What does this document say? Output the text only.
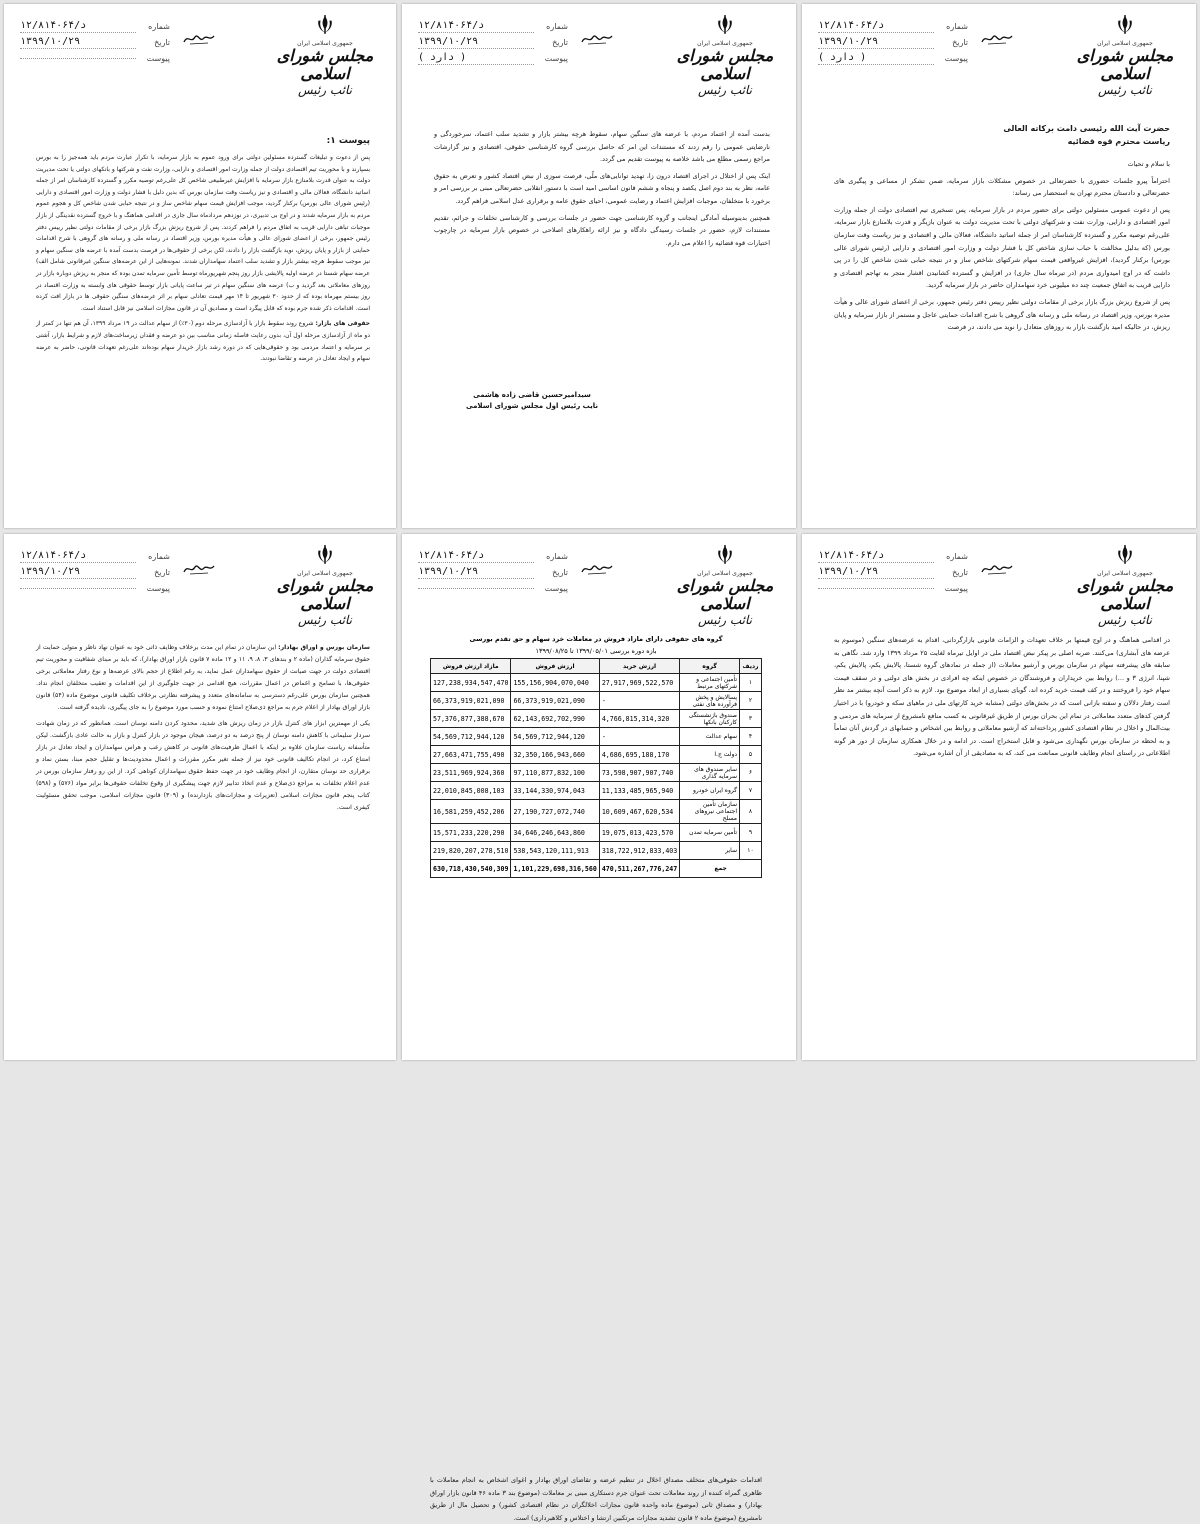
شماره
۱۲/۸۱۴۰۶۴/د
تاریخ
۱۳۹۹/۱۰/۲۹
پیوست
( دارد )
جمهوری اسلامی ایران
مجلس شورای اسلامی
نائب رئیس
حضرت آیت الله رئیسی دامت برکاته العالی
ریاست محترم قوه قضائیه

با سلام و تحیات

احتراماً پیرو جلسات حضوری با حضرتعالی در خصوص مشکلات بازار سرمایه، ضمن تشکر از مساعی و پیگیری های حضرتعالی و دادستان محترم تهران به استحضار می رساند:

پس از دعوت عمومی مسئولین دولتی برای حضور مردم در بازار سرمایه، پس تسخیری تیم اقتصادی دولت از جمله وزارت امور اقتصادی و دارایی، وزارت نفت و شرکتهای دولتی با تحت مدیریت دولت به عنوان بازیگر و قدرت بلامنازع بازار سرمایه، علی‌رغم توصیه مکرر و گسترده کارشناسان امر از جمله اساتید دانشگاه، فعالان مالی و اقتصادی و نیز ریاست وقت سازمان بورس (که بدلیل مخالفت با حباب سازی شاخص کل با فشار دولت و وزارت امور اقتصادی و دارایی (رئیس شورای عالی بورس) برکنار گردید)، افزایش غیرواقعی قیمت سهام شرکتهای شاخص ساز و در نتیجه حبابی شدن شاخص کل را در پی داشت که در اوج امیدواری مردم (در تیرماه سال جاری) در افزایش و گسترده کشانیدن اقشار متجر به تهاجم اقتصادی و دارایی قریب به اتفاق جمعیت چند ده میلیونی خرد سهامداران حاضر در بازار سرمایه گردید.

پس از شروع ریزش بزرگ بازار برخی از مقامات دولتی نظیر رییس دفتر رئیس جمهور، برخی از اعضای شورای عالی و هیأت مدیره بورس، وزیر اقتصاد در رسانه ملی و رسانه های گروهی با شرح اقدامات حمایتی عاجل و مستمر از بازار سرمایه و پایان ریزش، در حالیکه امید بازگشت بازار به روزهای متعادل را نوید می دادند، در فرصت

شماره
۱۲/۸۱۴۰۶۴/د
تاریخ
۱۳۹۹/۱۰/۲۹
پیوست
( دارد )
جمهوری اسلامی ایران
مجلس شورای اسلامی
نائب رئیس

بدست آمده از اعتماد مردم، با عرضه های سنگین سهام، سقوط هرچه بیشتر بازار و تشدید سلب اعتماد، سرخوردگی و نارضایتی عمومی را رقم زدند که مستندات این امر که حاصل بررسی گروه کارشناسی حقوقی، اقتصادی و نیز گزارشات مراجع رسمی مطلع می باشد خلاصه به پیوست تقدیم می گردد.

اینک پس از اختلال در اجرای اقتصاد درون زا، تهدید توانایی‌های ملّی، فرصت سوزی از نبض اقتصاد کشور و تعرض به حقوق عامه، نظر به بند دوم اصل یکصد و پنجاه و ششم قانون اساسی امید است با دستور انقلابی حضرتعالی مبنی بر بررسی امر و برخورد با متخلفان، موجبات افزایش اعتماد و رضایت عمومی، احیای حقوق عامه و برقراری عدل اسلامی فراهم گردد.

همچنین بدینوسیله آمادگی اینجانب و گروه کارشناسی جهت حضور در جلسات بررسی و کارشناسی تخلفات و جرائم، تقدیم مستندات لازم، حضور در جلسات رسیدگی دادگاه و نیز ارائه راهکارهای اصلاحی در خصوص بازار سرمایه در چارچوب اختیارات قوه قضائیه را اعلام می دارم.

سیدامیرحسین قاضی زاده هاشمی
نایب رئیس اول مجلس شورای اسلامی
شماره
۱۲/۸۱۴۰۶۴/د
تاریخ
۱۳۹۹/۱۰/۲۹
پیوست
جمهوری اسلامی ایران
مجلس شورای اسلامی
نائب رئیس
پیوست ۱:

پس از دعوت و تبلیغات گسترده مسئولین دولتی برای ورود عموم به بازار سرمایه، با تکرار عبارت مردم باید همه‌جیز را به بورس بسپارند و با محوریت تیم اقتصادی دولت از جمله وزارت امور اقتصادی و دارایی، وزارت نفت و شرکتها و بانکهای دولتی یا تحت مدیریت دولت به عنوان قدرت بلامنازع بازار سرمایه با افزایش غیرطبیعی شاخص کل علی‌رغم توصیه مکرر و گسترده کارشناسان امر از جمله اساتید دانشگاه، فعالان مالی و اقتصادی و نیز ریاست وقت سازمان بورس که بدین دلیل با فشار دولت و وزارت امور اقتصادی و دارایی (رئیس شورای عالی بورس) برکنار گردید، موجب افزایش قیمت سهام شاخص ساز و در نتیجه حبابی شدن شاخص کل و هجوم عموم مردم به بازار سرمایه شدند و در اوج بی تدبیری، در نوزدهم مردادماه سال جاری در اقدامی هماهنگ و با خروج گسترده نقدینگی از بازار موجبات تباهی دارایی قریب به اتفاق مردم را فراهم کردند. پس از شروع ریزش بزرگ بازار برخی از مقامات دولتی نظیر رییس دفتر رئیس جمهور، برخی از اعضای شورای عالی و هیأت مدیره بورس، وزیر اقتصاد در رسانه ملی و رسانه های گروهی با شرح اقدامات حمایتی از بازار و پایان ریزش، نوید بازگشت بازار را دادند، لکن برخی از حقوقی‌ها در فرصت بدست آمده با عرضه های سنگین سهام و نیز موجب سقوط هرچه بیشتر بازار و تشدید سلب اعتماد سهامداران شدند. نمونه‌هایی از این عرضه‌های سنگین غیرقانونی شامل الف) عرضه سهام شستا در عرضه اولیه پالایشی بازار روز پنجم شهریورماه توسط تأمین سرمایه تمدن بوده که منجر به ریزش دوباره بازار در روزهای معاملاتی بعد گردید و ب) عرضه های سنگین سهام در تیر ساعت پایانی بازار توسط حقوقی های وابسته به وزارت اقتصاد در روز بیستم مهرماه بوده که از حدود ۳۰ شهریور تا ۱۴ مهر قیمت تعادلی سهام بر اثر عرضه‌های سنگین حقوقی ها در بازار افت کرده است. اقدامات ذکر شده جرم بوده که قابل پیگرد است و مصادیق آن در قانون مجازات اسلامی نیز قابل استناد است.

حقوقی های بازار: شروع روند سقوط بازار با آزادسازی مرحله دوم (۳۰٪) از سهام عدالت در ۱۹ مرداد ۱۳۹۹، آن هم تنها در کمتر از دو ماه از آزادسازی مرحله اول آن، بدون رعایت فاصله زمانی مناسب بین دو عرضه و فقدان زیرساخت‌های لازم و شرایط بازار، آشتی بر سرمایه و اعتماد مردمی بود و حقوقی‌هایی که در دوره رشد بازار خریدار سهام بوده‌اند علی‌رغم تعهدات قانونی، حاضر به عرضه سهام و ایجاد تعادل در عرضه و تقاضا نبودند.

شماره
۱۲/۸۱۴۰۶۴/د
تاریخ
۱۳۹۹/۱۰/۲۹
پیوست
جمهوری اسلامی ایران
مجلس شورای اسلامی
نائب رئیس

در اقدامی هماهنگ و در اوج قیمتها بر خلاف تعهدات و الزامات قانونی بازارگردانی، اقدام به عرضه‌های سنگین (موسوم به عرضه های آبشاری) می‌کنند. ضربه اصلی بر پیکر نبض اقتصاد ملی در اوایل تیرماه لغایت ۲۵ مرداد ۱۳۹۹ وارد شد. نگاهی به سابقه های پیشرفته سهام در سازمان بورس و آرشیو معاملات (از جمله در نمادهای گروه شستا، پالایش یکم، پالایش یکم، شپنا، انرژی ۳ و ...) روابط بین خریداران و فروشندگان در خصوص اینکه چه افرادی در بخش های دولتی و در سقف قیمت سهام خود را فروختند و در کف قیمت خرید کرده اند، گویای بسیاری از ابعاد موضوع بود. لازم به ذکر است آنچه بیشتر مد نظر است رفتار دلالان و سفته بازانی است که در بخش‌های دولتی (مشابه خرید کارتهای ملی در ماهیای سکه و خودرو) با در اختیار گرفتن کدهای متعدد معاملاتی در تمام این بحران بورس از طریق غیرقانونی به کسب منافع نامشروع از سرمایه های مردمی و بیت‌المال و اخلال در نظام اقتصادی کشور پرداخته‌اند که آرشیو معاملاتی و روابط بین اشخاص و حسابهای در گردش آنان تماماً و به لحظه در سازمان بورس نگهداری می‌شود و قابل استخراج است. در ادامه و در خلال همکاری سازمان از دور هر گونه اطلاعاتی در راستای انجام وظایف قانونی ممانعت می کند، که به مصادیقی از آن اشاره می‌شود.

شماره
۱۲/۸۱۴۰۶۴/د
تاریخ
۱۳۹۹/۱۰/۲۹
پیوست
جمهوری اسلامی ایران
مجلس شورای اسلامی
نائب رئیس
گروه های حقوقی دارای مازاد فروش در معاملات خرد سهام و حق تقدم بورسی
بازه دوره بررسی ۱۳۹۹/۰۵/۰۱ تا ۱۳۹۹/۰۸/۲۵
ردیف	گروه	ارزش خرید	ارزش فروش	مازاد ارزش فروش
۱	تأمین اجتماعی و شرکتهای مرتبط	27,917,969,522,570	155,156,904,070,040	127,238,934,547,470
۲	پسالایش و پخش فرآورده های نفتی	-	66,373,919,021,090	66,373,919,021,090
۳	صندوق بازنشستگی کارکنان بانکها	4,766,815,314,320	62,143,692,702,990	57,376,877,388,670
۴	سهام عدالت	-	54,569,712,944,120	54,569,712,944,120
۵	دولت ج.ا	4,686,695,188,170	32,350,166,943,660	27,663,471,755,490
۶	سایر صندوق های سرمایه گذاری	73,598,907,907,740	97,110,877,832,100	23,511,969,924,360
۷	گروه ایران خودرو	11,133,485,965,940	33,144,330,974,043	22,010,845,008,103
۸	سازمان تأمین اجتماعی نیروهای مسلح	10,609,467,620,534	27,190,727,072,740	16,581,259,452,206
۹	تأمین سرمایه تمدن	19,075,013,423,570	34,646,246,643,860	15,571,233,220,290
۱۰	سایر	318,722,912,833,403	538,543,120,111,913	219,820,207,278,510
جمع		470,511,267,776,247	1,101,229,698,316,560	630,718,430,540,309
اقدامات حقوقی‌های متخلف مصداق اخلال در تنظیم عرضه و تقاضای اوراق بهادار و اغوای اشخاص به انجام معاملات با ظاهری گمراه کننده از روند معاملات تحت عنوان جرم دستکاری مبنی بر معاملات (موضوع بند ۳ ماده ۴۶ قانون بازار اوراق بهادار) و مصداق ثانی (موضوع ماده واحده قانون مجازات اخلالگران در نظام اقتصادی کشور) و تحصیل مال از طریق نامشروع (موضوع ماده ۲ قانون تشدید مجازات مرتکبین ارتشا و اختلاس و کلاهبرداری) است.
شماره
۱۲/۸۱۴۰۶۴/د
تاریخ
۱۳۹۹/۱۰/۲۹
پیوست
جمهوری اسلامی ایران
مجلس شورای اسلامی
نائب رئیس

سازمان بورس و اوراق بهادار: این سازمان در تمام این مدت برخلاف وظایف ذاتی خود به عنوان نهاد ناظر و متولی حمایت از حقوق سرمایه گذاران (ماده ۲ و بندهای ۳، ۸، ۹، ۱۱ و ۱۲ ماده ۷ قانون بازار اوراق بهادار)، که باید بر مبنای شفافیت و محوریت تیم اقتصادی دولت در جهت صیانت از حقوق سهامداران عمل نماید، به رغم اطلاع از حجم بالای عرضه‌ها و نوع رفتار معاملاتی برخی حقوقی‌ها، با تسامح و اغماض در اعمال مقررات، هیچ اقدامی در جهت جلوگیری از این اقدامات و تعقیب متخلفان انجام نداد. همچنین سازمان بورس علی‌رغم دسترسی به سامانه‌های متعدد و پیشرفته نظارتی برخلاف تکلیف قانونی موضوع ماده (۵۴) قانون بازار اوراق بهادار از اعلام جرم به مراجع ذی‌صلاح امتناع نموده و حسب مورد موضوع را به جای پیگیری، نادیده گرفته است.

یکی از مهمترین ابزار های کنترل بازار در زمان ریزش های شدید، محدود کردن دامنه نوسان است. همانطور که در زمان شهادت سردار سلیمانی با کاهش دامنه نوسان از پنج درصد به دو درصد، هیجان موجود در بازار کنترل و بازار به حالت عادی بازگشت. لیکن متأسفانه ریاست سازمان علاوه بر اینکه با اعمال ظرفیت‌های قانونی در کاهش رعب و هراس سهامداران و ایجاد تعادل در بازار امتناع کرد، در انجام تکالیف قانونی خود نیز از جمله تغیر مکرر مقررات و اعمال محدودیت‌ها و تقلیل حجم مبنا، بستن نماد و برقراری حد نوسان متقارن، از انجام وظایف خود در جهت حفظ حقوق سهامداران کوتاهی کرد. از این رو رفتار سازمان بورس در عدم اعلام تخلفات به مراجع ذی‌صلاح و عدم اتخاذ تدابیر لازم جهت پیشگیری از وقوع تخلفات حقوقی‌ها برابر مواد (۵۷۶) و (۵۹۸) کتاب پنجم قانون مجازات اسلامی (تعزیرات و مجازات‌های بازدارنده) و (۳۰۹) قانون مجازات اسلامی، موجب تحقق مسئولیت کیفری است.
